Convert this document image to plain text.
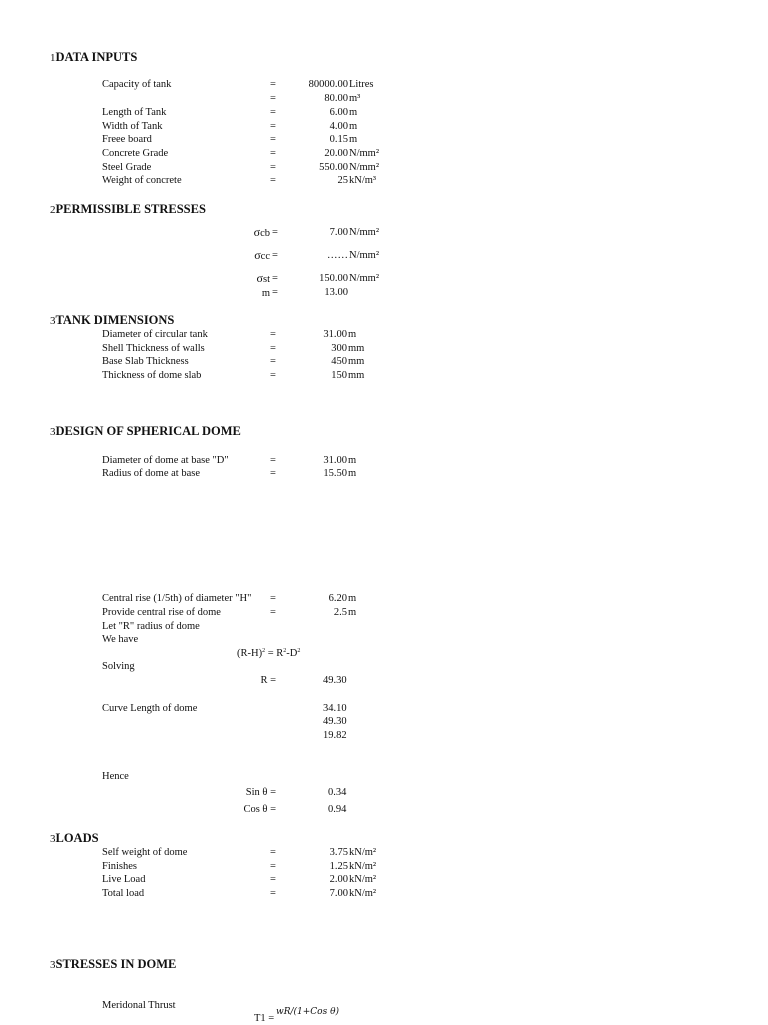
1DATA INPUTS
Capacity of tank	=	80000.00 Litres
=	80.00 m³
Length of Tank	=	6.00 m
Width of Tank	=	4.00 m
Freee board	=	0.15 m
Concrete Grade	=	20.00 N/mm²
Steel Grade	=	550.00 N/mm²
Weight of concrete	=	25 kN/m³
2PERMISSIBLE STRESSES
σcb =	7.00 N/mm²
σcc =	…… N/mm²
σst =	150.00 N/mm²
m =	13.00
3TANK DIMENSIONS
Diameter of circular tank	=	31.00 m
Shell Thickness of walls	=	300 mm
Base Slab Thickness	=	450 mm
Thickness of dome slab	=	150 mm
3DESIGN OF SPHERICAL DOME
Diameter of dome at base "D"	=	31.00 m
Radius of dome at base	=	15.50 m
Central rise (1/5th) of diameter "H" =	6.20 m
Provide central rise of dome	=	2.5 m
Let "R" radius of dome
We have
$(R-H)^2 = R^2-D^2$
Solving
R =	49.30
Curve Length of dome	34.10
49.30
19.82
Hence
Sin θ =	0.34
Cos θ =	0.94
3LOADS
Self weight of dome	=	3.75 kN/m²
Finishes	=	1.25 kN/m²
Live Load	=	2.00 kN/m²
Total load	=	7.00 kN/m²
3STRESSES IN DOME
Meridonal Thrust
T1 =
wR/(1+Cos θ)
